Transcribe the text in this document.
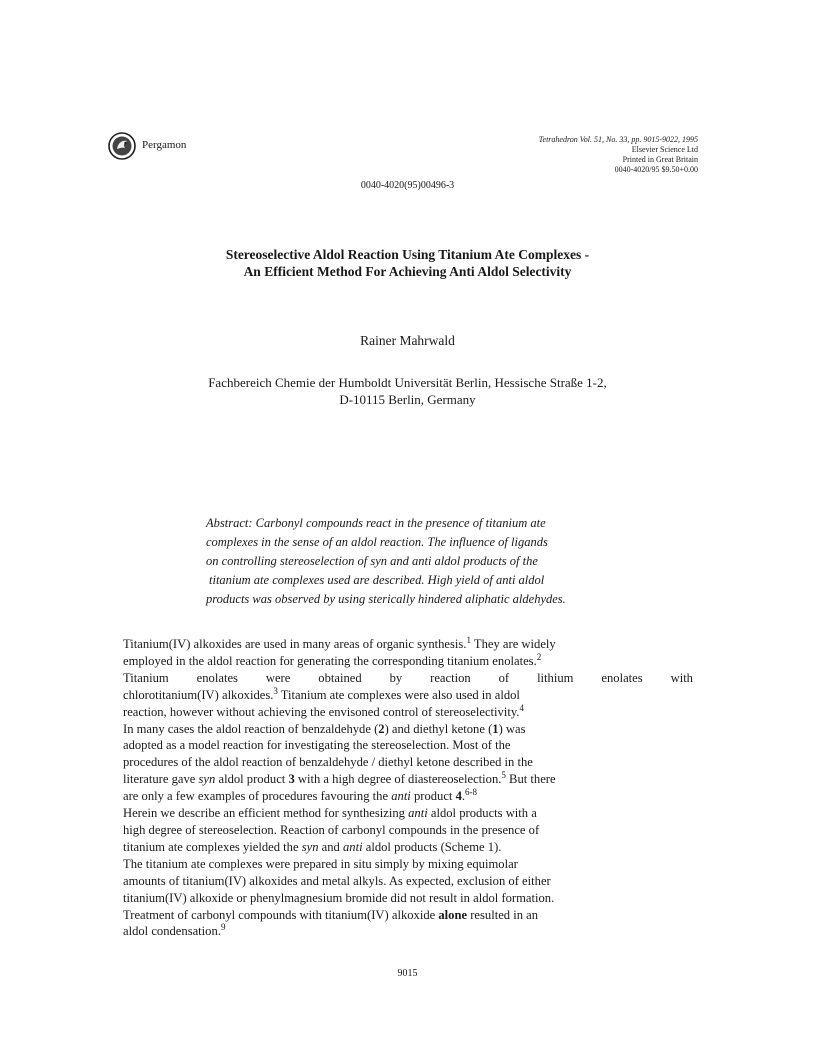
Pergamon	Tetrahedron Vol. 51, No. 33, pp. 9015-9022, 1995
Elsevier Science Ltd
Printed in Great Britain
0040-4020/95 $9.50+0.00
0040-4020(95)00496-3
Stereoselective Aldol Reaction Using Titanium Ate Complexes -
An Efficient Method For Achieving Anti Aldol Selectivity
Rainer Mahrwald
Fachbereich Chemie der Humboldt Universität Berlin, Hessische Straße 1-2,
D-10115 Berlin, Germany
Abstract: Carbonyl compounds react in the presence of titanium ate
complexes in the sense of an aldol reaction. The influence of ligands
on controlling stereoselection of syn and anti aldol products of the
titanium ate complexes used are described. High yield of anti aldol
products was observed by using sterically hindered aliphatic aldehydes.
Titanium(IV) alkoxides are used in many areas of organic synthesis.$^1$ They are widely
employed in the aldol reaction for generating the corresponding titanium enolates.$^2$
Titanium enolates were obtained by reaction of lithium enolates with
chlorotitanium(IV) alkoxides.$^3$ Titanium ate complexes were also used in aldol
reaction, however without achieving the envisoned control of stereoselectivity.$^4$
In many cases the aldol reaction of benzaldehyde (2) and diethyl ketone (1) was
adopted as a model reaction for investigating the stereoselection. Most of the
procedures of the aldol reaction of benzaldehyde / diethyl ketone described in the
literature gave syn aldol product 3 with a high degree of diastereoselection.$^5$ But there
are only a few examples of procedures favouring the anti product 4.$^{6-8}$
Herein we describe an efficient method for synthesizing anti aldol products with a
high degree of stereoselection. Reaction of carbonyl compounds in the presence of
titanium ate complexes yielded the syn and anti aldol products (Scheme 1).
The titanium ate complexes were prepared in situ simply by mixing equimolar
amounts of titanium(IV) alkoxides and metal alkyls. As expected, exclusion of either
titanium(IV) alkoxide or phenylmagnesium bromide did not result in aldol formation.
Treatment of carbonyl compounds with titanium(IV) alkoxide alone resulted in an
aldol condensation.$^9$
9015
